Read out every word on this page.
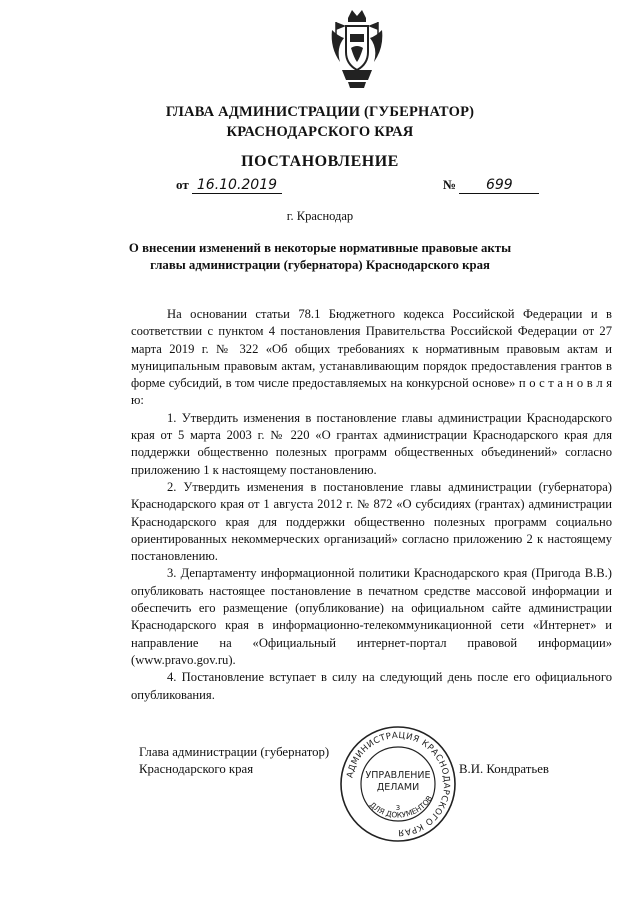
ГЛАВА АДМИНИСТРАЦИИ (ГУБЕРНАТОР)
КРАСНОДАРСКОГО КРАЯ
ПОСТАНОВЛЕНИЕ
от 16.10.2019	№ 699
г. Краснодар
О внесении изменений в некоторые нормативные правовые акты главы администрации (губернатора) Краснодарского края

На основании статьи 78.1 Бюджетного кодекса Российской Федерации и в соответствии с пунктом 4 постановления Правительства Российской Федерации от 27 марта 2019 г. № 322 «Об общих требованиях к нормативным правовым актам и муниципальным правовым актам, устанавливающим порядок предоставления грантов в форме субсидий, в том числе предоставляемых на конкурсной основе» п о с т а н о в л я ю:

1. Утвердить изменения в постановление главы администрации Краснодарского края от 5 марта 2003 г. № 220 «О грантах администрации Краснодарского края для поддержки общественно полезных программ общественных объединений» согласно приложению 1 к настоящему постановлению.

2. Утвердить изменения в постановление главы администрации (губернатора) Краснодарского края от 1 августа 2012 г. № 872 «О субсидиях (грантах) администрации Краснодарского края для поддержки общественно полезных программ социально ориентированных некоммерческих организаций» согласно приложению 2 к настоящему постановлению.

3. Департаменту информационной политики Краснодарского края (Пригода В.В.) опубликовать настоящее постановление в печатном средстве массовой информации и обеспечить его размещение (опубликование) на официальном сайте администрации Краснодарского края в информационно-телекоммуникационной сети «Интернет» и направление на «Официальный интернет-портал правовой информации» (www.pravo.gov.ru).

4. Постановление вступает в силу на следующий день после его официального опубликования.

Глава администрации (губернатор)
Краснодарского края	В.И. Кондратьев
АДМИНИСТРАЦИЯ КРАСНОДАРСКОГО КРАЯ
ДЛЯ ДОКУМЕНТОВ
УПРАВЛЕНИЕ
ДЕЛАМИ
3
